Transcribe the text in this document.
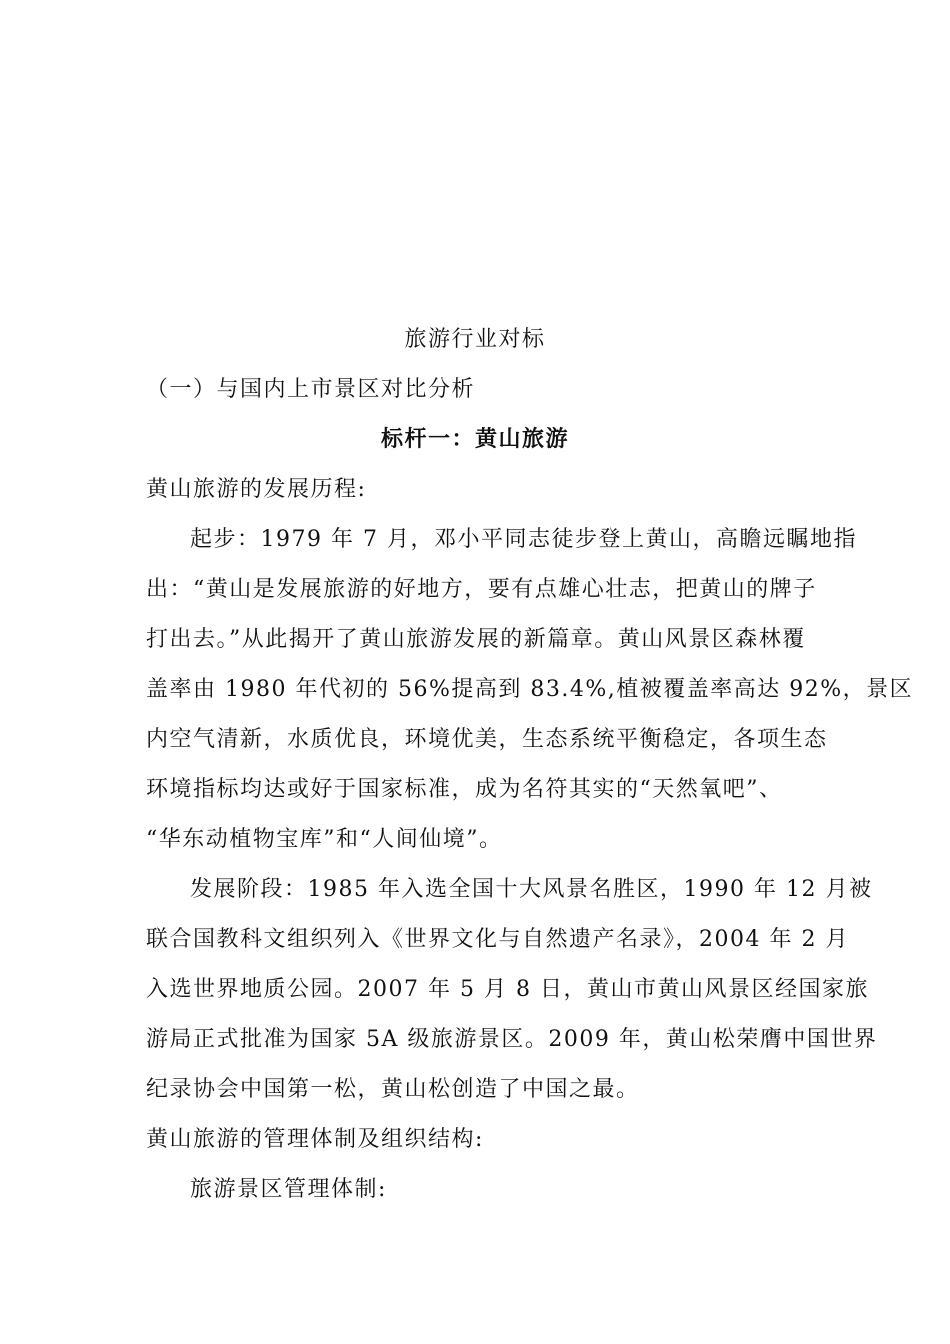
旅游行业对标
（一）与国内上市景区对比分析
标杆一：黄山旅游
黄山旅游的发展历程:
起步：1979 年 7 月，邓小平同志徒步登上黄山，高瞻远瞩地指
出：“黄山是发展旅游的好地方，要有点雄心壮志，把黄山的牌子
打出去。”从此揭开了黄山旅游发展的新篇章。黄山风景区森林覆
盖率由 1980 年代初的 56%提高到 83.4%,植被覆盖率高达 92%，景区
内空气清新，水质优良，环境优美，生态系统平衡稳定，各项生态
环境指标均达或好于国家标准，成为名符其实的“天然氧吧”、
“华东动植物宝库”和“人间仙境”。
发展阶段：1985 年入选全国十大风景名胜区，1990 年 12 月被
联合国教科文组织列入《世界文化与自然遗产名录》，2004 年 2 月
入选世界地质公园。2007 年 5 月 8 日，黄山市黄山风景区经国家旅
游局正式批准为国家 5A 级旅游景区。2009 年，黄山松荣膺中国世界
纪录协会中国第一松，黄山松创造了中国之最。
黄山旅游的管理体制及组织结构:
旅游景区管理体制:
